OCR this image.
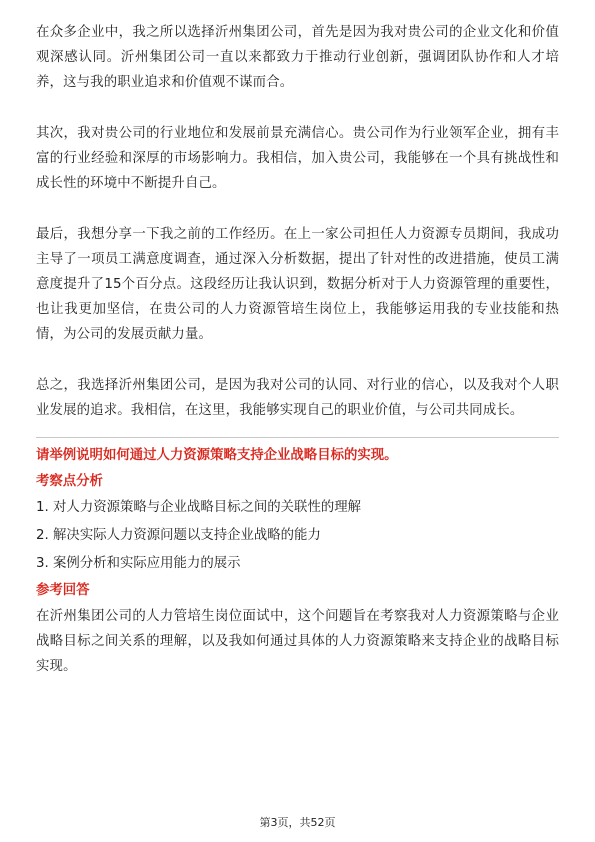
在众多企业中，我之所以选择沂州集团公司，首先是因为我对贵公司的企业文化和价值观深感认同。沂州集团公司一直以来都致力于推动行业创新，强调团队协作和人才培养，这与我的职业追求和价值观不谋而合。

其次，我对贵公司的行业地位和发展前景充满信心。贵公司作为行业领军企业，拥有丰富的行业经验和深厚的市场影响力。我相信，加入贵公司，我能够在一个具有挑战性和成长性的环境中不断提升自己。

最后，我想分享一下我之前的工作经历。在上一家公司担任人力资源专员期间，我成功主导了一项员工满意度调查，通过深入分析数据，提出了针对性的改进措施，使员工满意度提升了15个百分点。这段经历让我认识到，数据分析对于人力资源管理的重要性，也让我更加坚信，在贵公司的人力资源管培生岗位上，我能够运用我的专业技能和热情，为公司的发展贡献力量。

总之，我选择沂州集团公司，是因为我对公司的认同、对行业的信心，以及我对个人职业发展的追求。我相信，在这里，我能够实现自己的职业价值，与公司共同成长。

请举例说明如何通过人力资源策略支持企业战略目标的实现。

考察点分析

1. 对人力资源策略与企业战略目标之间的关联性的理解
2. 解决实际人力资源问题以支持企业战略的能力
3. 案例分析和实际应用能力的展示

参考回答

在沂州集团公司的人力管培生岗位面试中，这个问题旨在考察我对人力资源策略与企业战略目标之间关系的理解，以及我如何通过具体的人力资源策略来支持企业的战略目标实现。

第3页，共52页
